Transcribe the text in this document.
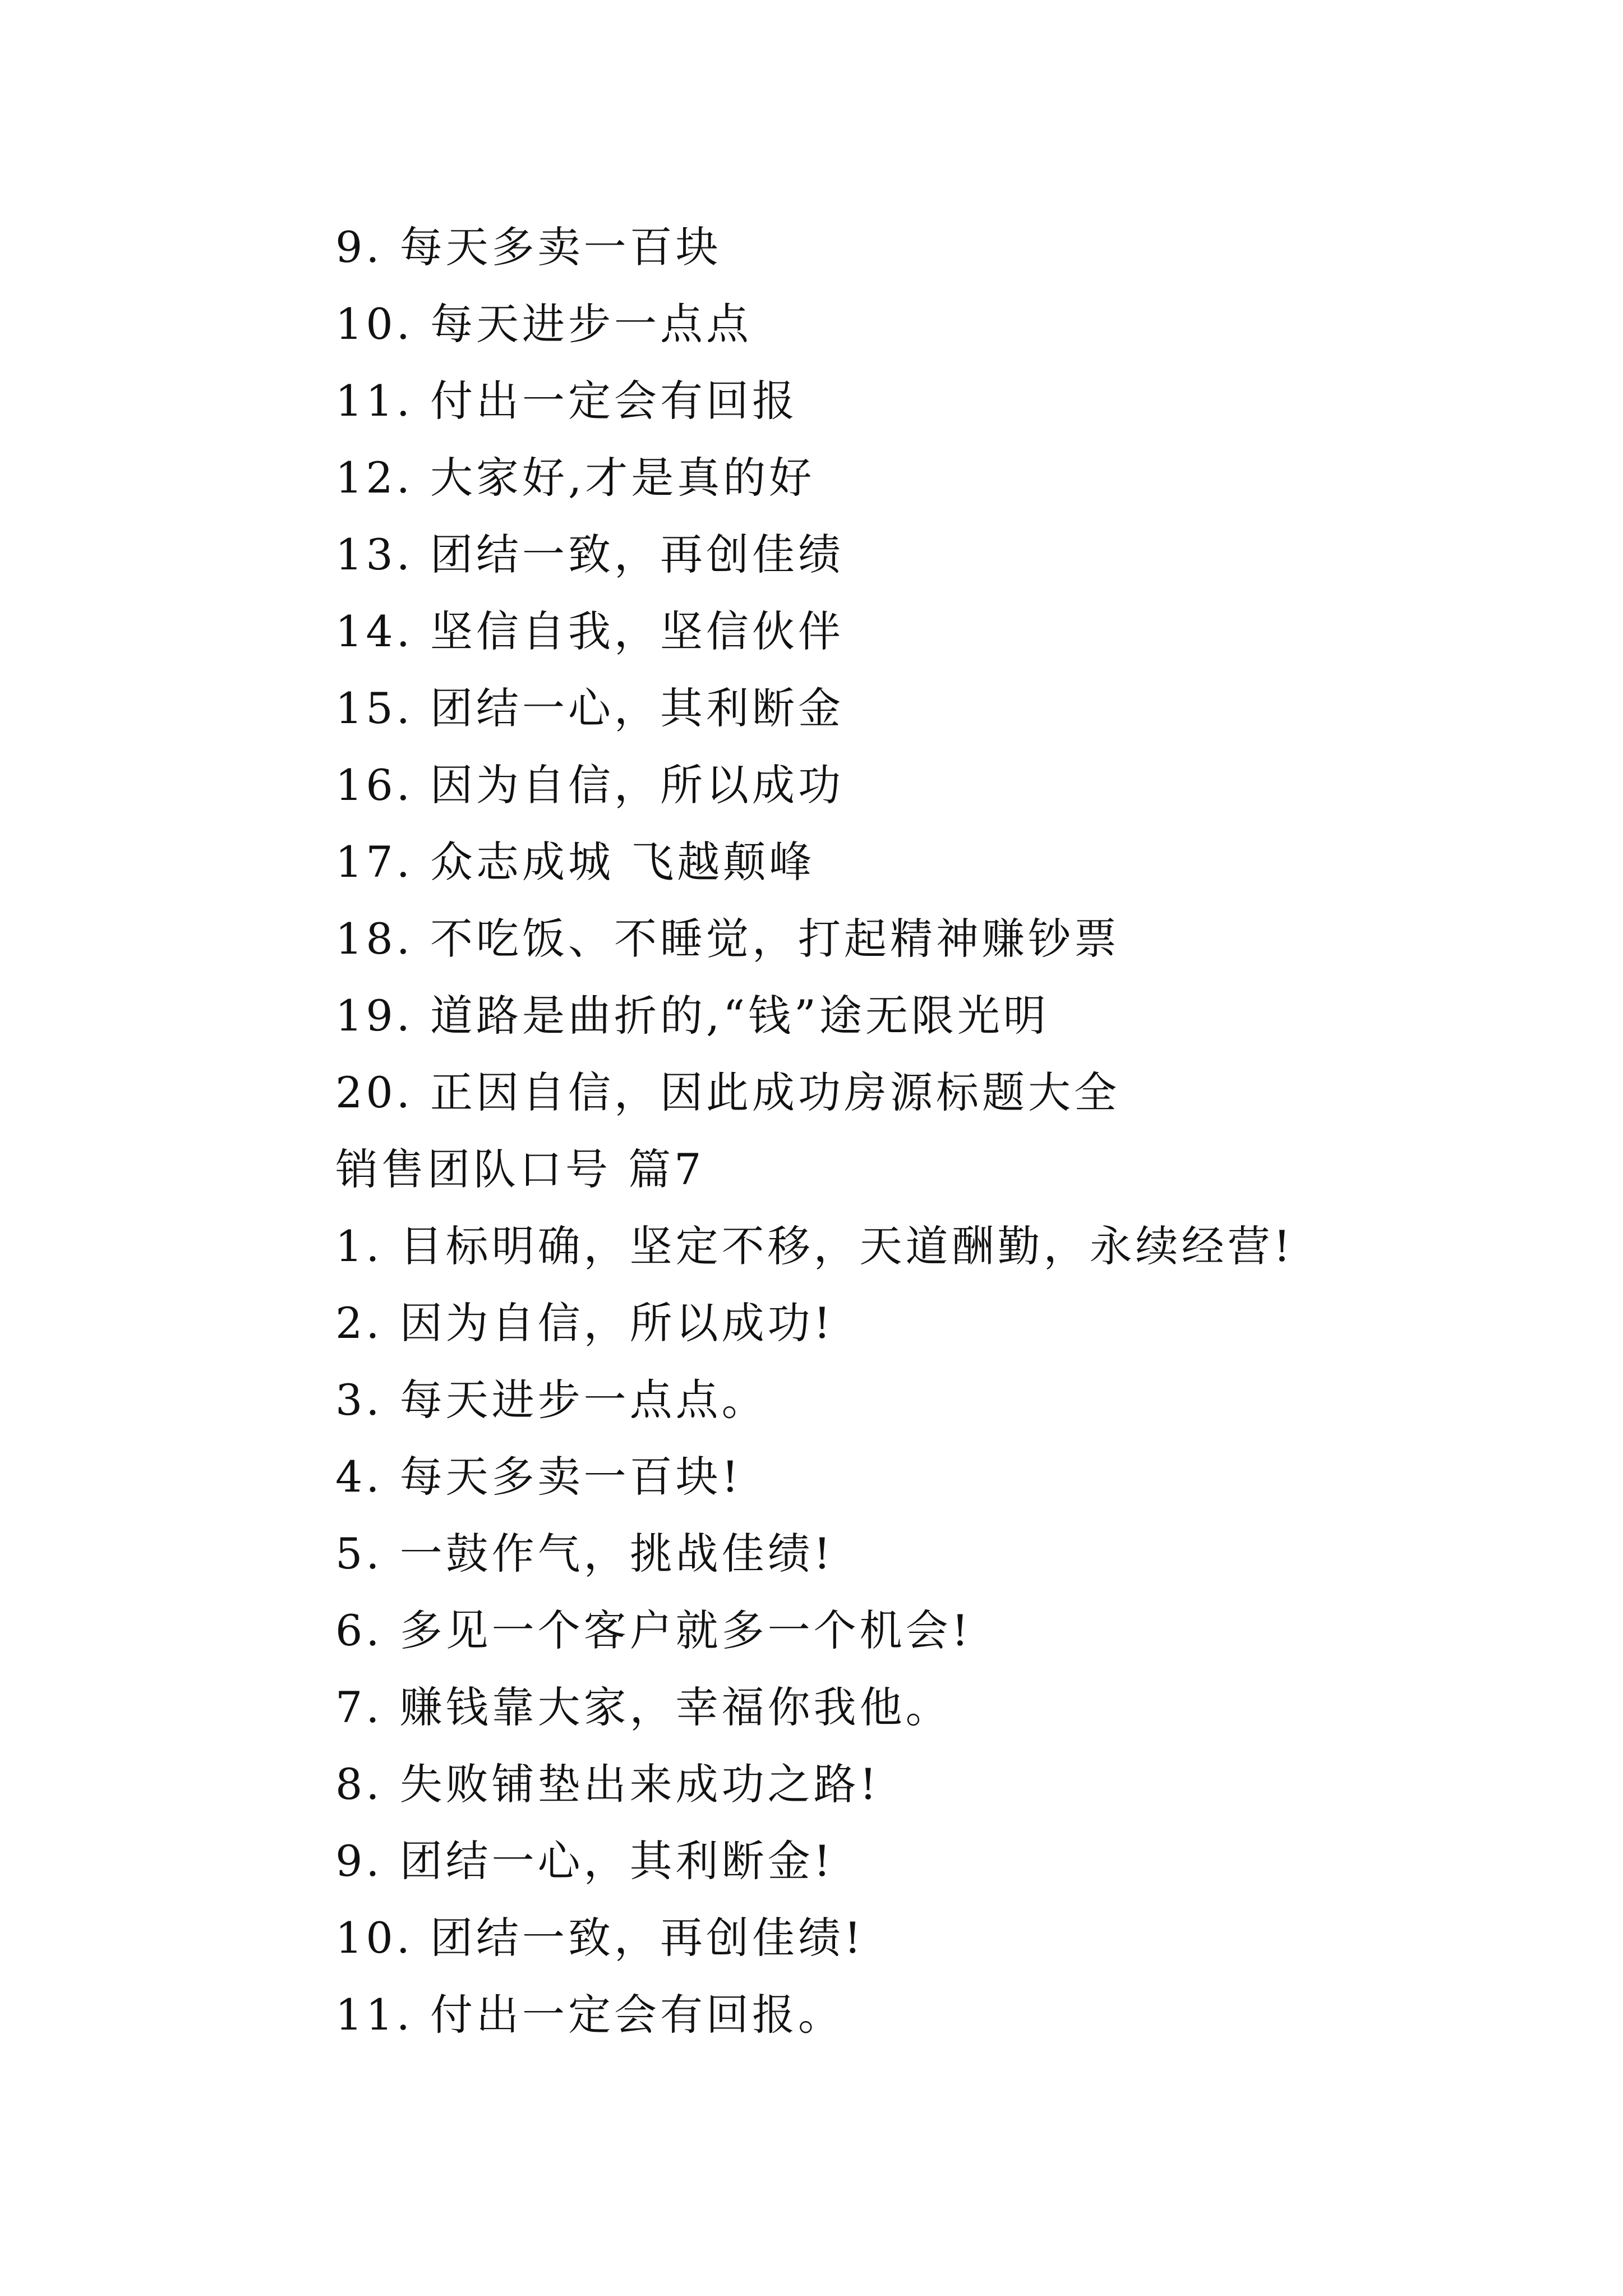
9. 每天多卖一百块
10. 每天进步一点点
11. 付出一定会有回报
12. 大家好,才是真的好
13. 团结一致，再创佳绩
14. 坚信自我，坚信伙伴
15. 团结一心，其利断金
16. 因为自信，所以成功
17. 众志成城 飞越颠峰
18. 不吃饭、不睡觉，打起精神赚钞票
19. 道路是曲折的,“钱”途无限光明
20. 正因自信，因此成功房源标题大全
销售团队口号 篇7
1. 目标明确，坚定不移，天道酬勤，永续经营!
2. 因为自信，所以成功!
3. 每天进步一点点。
4. 每天多卖一百块!
5. 一鼓作气，挑战佳绩!
6. 多见一个客户就多一个机会!
7. 赚钱靠大家，幸福你我他。
8. 失败铺垫出来成功之路!
9. 团结一心，其利断金!
10. 团结一致，再创佳绩!
11. 付出一定会有回报。
